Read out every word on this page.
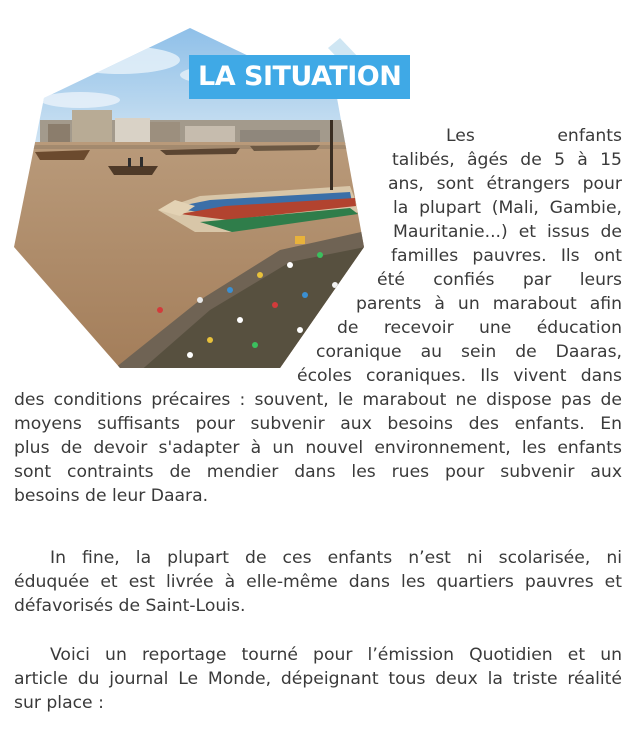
LA SITUATION
Les enfants
talibés, âgés de 5 à 15
ans, sont étrangers pour
la plupart (Mali, Gambie,
Mauritanie...) et issus de
familles pauvres. Ils ont
été confiés par leurs
parents à un marabout afin
de recevoir une éducation
coranique au sein de Daaras,
écoles coraniques. Ils vivent dans
des conditions précaires : souvent, le marabout ne dispose pas de
moyens suffisants pour subvenir aux besoins des enfants. En
plus de devoir s'adapter à un nouvel environnement, les enfants
sont contraints de mendier dans les rues pour subvenir aux
besoins de leur Daara.
In fine, la plupart de ces enfants n’est ni scolarisée, ni
éduquée et est livrée à elle-même dans les quartiers pauvres et
défavorisés de Saint-Louis.
Voici un reportage tourné pour l’émission Quotidien et un
article du journal Le Monde, dépeignant tous deux la triste réalité
sur place :
